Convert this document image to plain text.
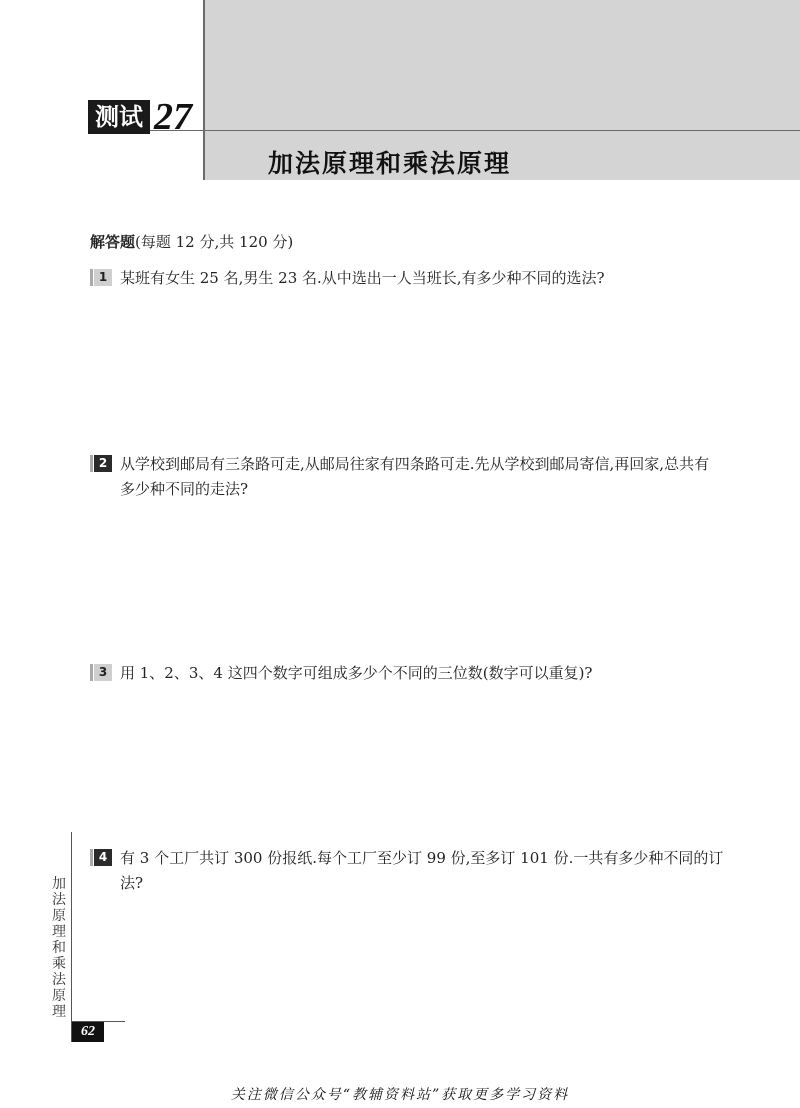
测试 27
加法原理和乘法原理
解答题(每题 12 分,共 120 分)
1 某班有女生 25 名,男生 23 名.从中选出一人当班长,有多少种不同的选法?
2 从学校到邮局有三条路可走,从邮局往家有四条路可走.先从学校到邮局寄信,再回家,总共有多少种不同的走法?
3 用 1、2、3、4 这四个数字可组成多少个不同的三位数(数字可以重复)?
4 有 3 个工厂共订 300 份报纸.每个工厂至少订 99 份,至多订 101 份.一共有多少种不同的订法?
加法原理和乘法原理
62
关注微信公众号“教辅资料站”获取更多学习资料
